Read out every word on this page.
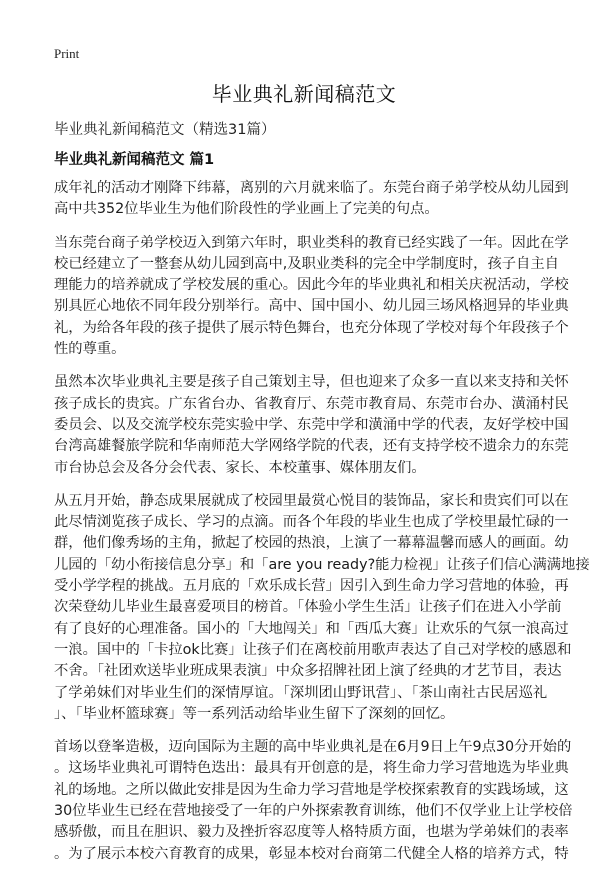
Print
毕业典礼新闻稿范文
毕业典礼新闻稿范文（精选31篇）
毕业典礼新闻稿范文 篇1

成年礼的活动才刚降下纬幕，离别的六月就来临了。东莞台商子弟学校从幼儿园到
高中共352位毕业生为他们阶段性的学业画上了完美的句点。

当东莞台商子弟学校迈入到第六年时，职业类科的教育已经实践了一年。因此在学
校已经建立了一整套从幼儿园到高中,及职业类科的完全中学制度时，孩子自主自
理能力的培养就成了学校发展的重心。因此今年的毕业典礼和相关庆祝活动，学校
别具匠心地依不同年段分别举行。高中、国中国小、幼儿园三场风格迥异的毕业典
礼，为给各年段的孩子提供了展示特色舞台，也充分体现了学校对每个年段孩子个
性的尊重。

虽然本次毕业典礼主要是孩子自己策划主导，但也迎来了众多一直以来支持和关怀
孩子成长的贵宾。广东省台办、省教育厅、东莞市教育局、东莞市台办、潢涌村民
委员会、以及交流学校东莞实验中学、东莞中学和潢涌中学的代表，友好学校中国
台湾高雄餐旅学院和华南师范大学网络学院的代表，还有支持学校不遗余力的东莞
市台协总会及各分会代表、家长、本校董事、媒体朋友们。

从五月开始，静态成果展就成了校园里最赏心悦目的装饰品，家长和贵宾们可以在
此尽情浏览孩子成长、学习的点滴。而各个年段的毕业生也成了学校里最忙碌的一
群，他们像秀场的主角，掀起了校园的热浪，上演了一幕幕温馨而感人的画面。幼
儿园的「幼小衔接信息分享」和「are you ready?能力检视」让孩子们信心满满地接
受小学学程的挑战。五月底的「欢乐成长营」因引入到生命力学习营地的体验，再
次荣登幼儿毕业生最喜爱项目的榜首。「体验小学生生活」让孩子们在进入小学前
有了良好的心理准备。国小的「大地闯关」和「西瓜大赛」让欢乐的气氛一浪高过
一浪。国中的「卡拉ok比赛」让孩子们在离校前用歌声表达了自己对学校的感恩和
不舍。「社团欢送毕业班成果表演」中众多招牌社团上演了经典的才艺节目，表达
了学弟妹们对毕业生们的深情厚谊。「深圳团山野讯营」、「茶山南社古民居巡礼
」、「毕业杯篮球赛」等一系列活动给毕业生留下了深刻的回忆。

首场以登峯造极，迈向国际为主题的高中毕业典礼是在6月9日上午9点30分开始的
。这场毕业典礼可谓特色迭出：最具有开创意的是，将生命力学习营地选为毕业典
礼的场地。之所以做此安排是因为生命力学习营地是学校探索教育的实践场域，这
30位毕业生已经在营地接受了一年的户外探索教育训练，他们不仅学业上让学校倍
感骄傲，而且在胆识、毅力及挫折容忍度等人格特质方面，也堪为学弟妹们的表率
。为了展示本校六育教育的成果，彰显本校对台商第二代健全人格的培养方式，特
